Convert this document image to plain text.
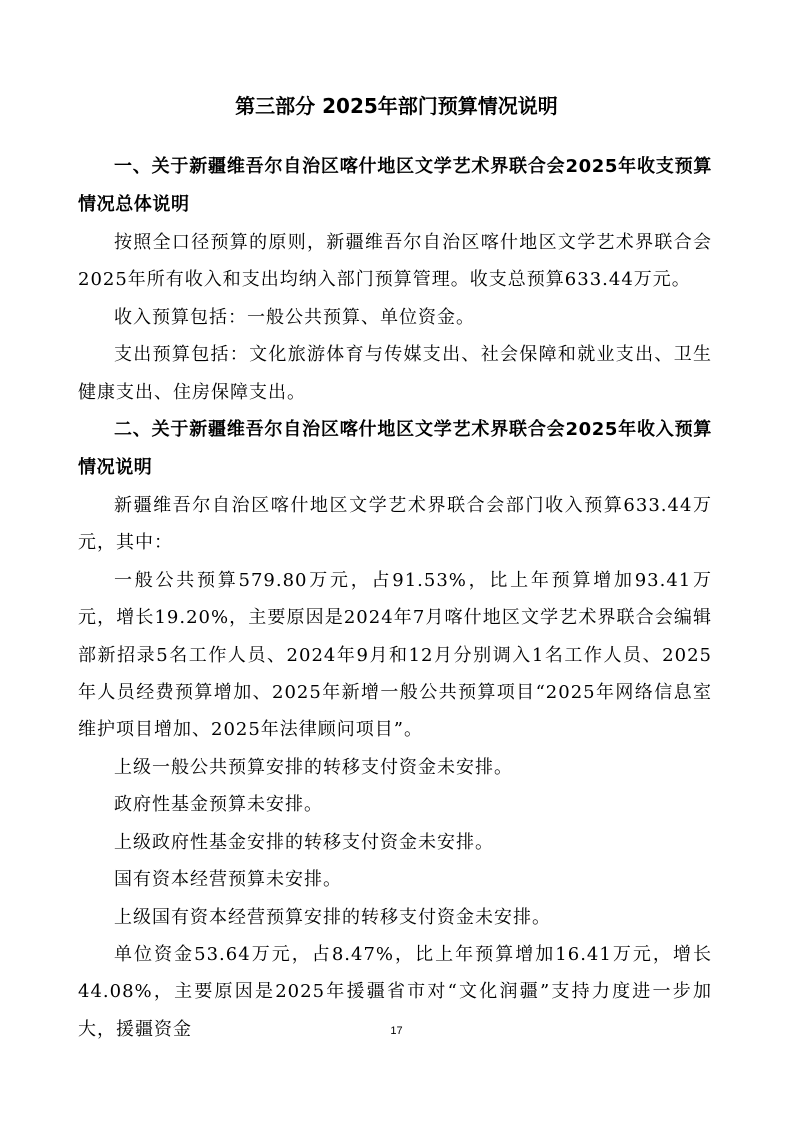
第三部分 2025年部门预算情况说明

一、关于新疆维吾尔自治区喀什地区文学艺术界联合会2025年收支预算情况总体说明

按照全口径预算的原则，新疆维吾尔自治区喀什地区文学艺术界联合会2025年所有收入和支出均纳入部门预算管理。收支总预算633.44万元。

收入预算包括：一般公共预算、单位资金。

支出预算包括：文化旅游体育与传媒支出、社会保障和就业支出、卫生健康支出、住房保障支出。

二、关于新疆维吾尔自治区喀什地区文学艺术界联合会2025年收入预算情况说明

新疆维吾尔自治区喀什地区文学艺术界联合会部门收入预算633.44万元，其中：

一般公共预算579.80万元，占91.53%，比上年预算增加93.41万元，增长19.20%，主要原因是2024年7月喀什地区文学艺术界联合会编辑部新招录5名工作人员、2024年9月和12月分别调入1名工作人员、2025年人员经费预算增加、2025年新增一般公共预算项目“2025年网络信息室维护项目增加、2025年法律顾问项目”。

上级一般公共预算安排的转移支付资金未安排。

政府性基金预算未安排。

上级政府性基金安排的转移支付资金未安排。

国有资本经营预算未安排。

上级国有资本经营预算安排的转移支付资金未安排。

单位资金53.64万元，占8.47%，比上年预算增加16.41万元，增长44.08%，主要原因是2025年援疆省市对“文化润疆”支持力度进一步加大，援疆资金	17
